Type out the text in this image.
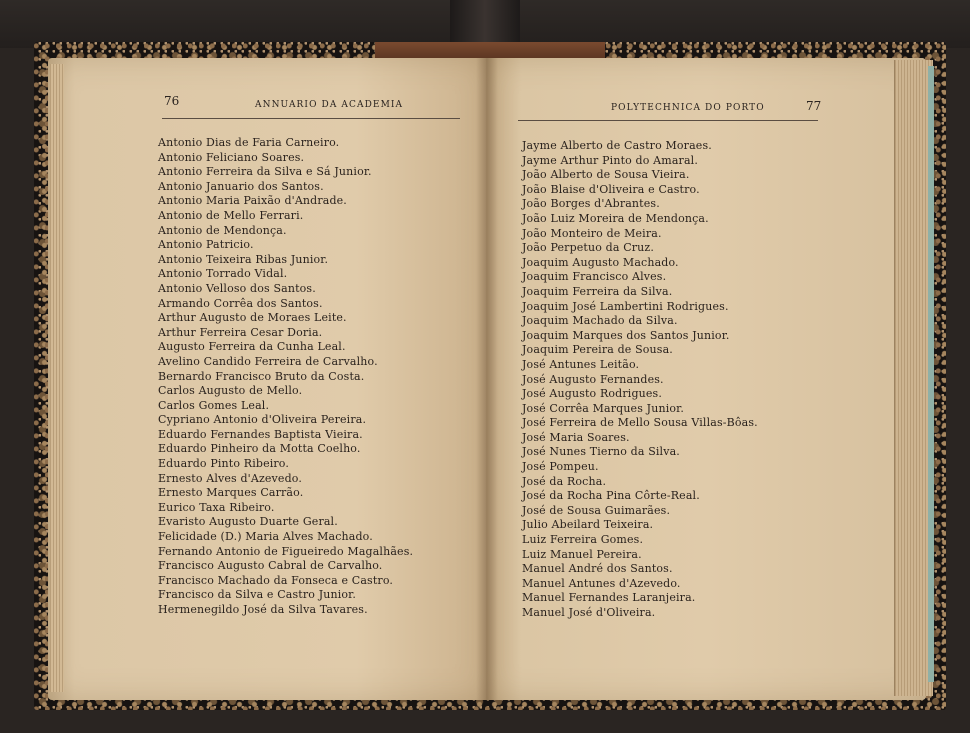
76	ANNUARIO DA ACADEMIA	POLYTECHNICA DO PORTO	77
Antonio Dias de Faria Carneiro.
Antonio Feliciano Soares.
Antonio Ferreira da Silva e Sá Junior.
Antonio Januario dos Santos.
Antonio Maria Paixão d'Andrade.
Antonio de Mello Ferrari.
Antonio de Mendonça.
Antonio Patricio.
Antonio Teixeira Ribas Junior.
Antonio Torrado Vidal.
Antonio Velloso dos Santos.
Armando Corrêa dos Santos.
Arthur Augusto de Moraes Leite.
Arthur Ferreira Cesar Doria.
Augusto Ferreira da Cunha Leal.
Avelino Candido Ferreira de Carvalho.
Bernardo Francisco Bruto da Costa.
Carlos Augusto de Mello.
Carlos Gomes Leal.
Cypriano Antonio d'Oliveira Pereira.
Eduardo Fernandes Baptista Vieira.
Eduardo Pinheiro da Motta Coelho.
Eduardo Pinto Ribeiro.
Ernesto Alves d'Azevedo.
Ernesto Marques Carrão.
Eurico Taxa Ribeiro.
Evaristo Augusto Duarte Geral.
Felicidade (D.) Maria Alves Machado.
Fernando Antonio de Figueiredo Magalhães.
Francisco Augusto Cabral de Carvalho.
Francisco Machado da Fonseca e Castro.
Francisco da Silva e Castro Junior.
Hermenegildo José da Silva Tavares.
Jayme Alberto de Castro Moraes.
Jayme Arthur Pinto do Amaral.
João Alberto de Sousa Vieira.
João Blaise d'Oliveira e Castro.
João Borges d'Abrantes.
João Luiz Moreira de Mendonça.
João Monteiro de Meira.
João Perpetuo da Cruz.
Joaquim Augusto Machado.
Joaquim Francisco Alves.
Joaquim Ferreira da Silva.
Joaquim José Lambertini Rodrigues.
Joaquim Machado da Silva.
Joaquim Marques dos Santos Junior.
Joaquim Pereira de Sousa.
José Antunes Leitão.
José Augusto Fernandes.
José Augusto Rodrigues.
José Corrêa Marques Junior.
José Ferreira de Mello Sousa Villas-Bôas.
José Maria Soares.
José Nunes Tierno da Silva.
José Pompeu.
José da Rocha.
José da Rocha Pina Côrte-Real.
José de Sousa Guimarães.
Julio Abeilard Teixeira.
Luiz Ferreira Gomes.
Luiz Manuel Pereira.
Manuel André dos Santos.
Manuel Antunes d'Azevedo.
Manuel Fernandes Laranjeira.
Manuel José d'Oliveira.
